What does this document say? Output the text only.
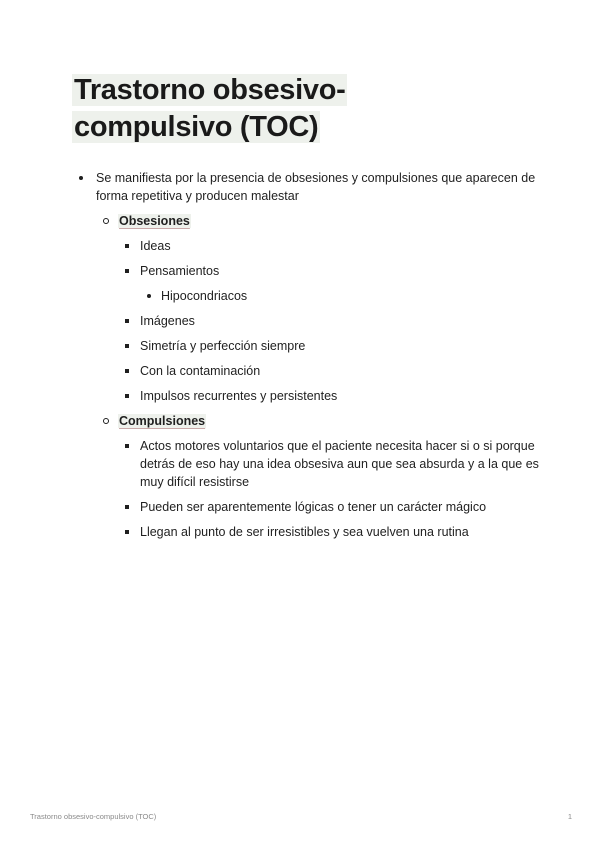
Trastorno obsesivo-compulsivo (TOC)
Se manifiesta por la presencia de obsesiones y compulsiones que aparecen de forma repetitiva y producen malestar
Obsesiones
Ideas
Pensamientos
Hipocondriacos
Imágenes
Simetría y perfección siempre
Con la contaminación
Impulsos recurrentes y persistentes
Compulsiones
Actos motores voluntarios que el paciente necesita hacer si o si porque detrás de eso hay una idea obsesiva aun que sea absurda y a la que es muy difícil resistirse
Pueden ser aparentemente lógicas o tener un carácter mágico
Llegan al punto de ser irresistibles y sea vuelven una rutina
Trastorno obsesivo-compulsivo (TOC)	1
